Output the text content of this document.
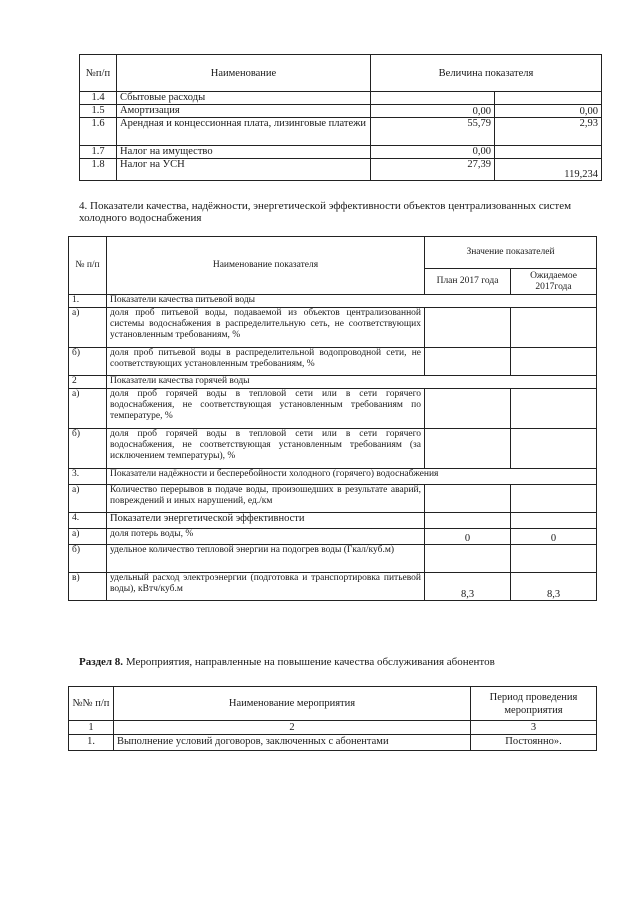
№п/п	Наименование	Величина показателя	
1.4	Сбытовые расходы		
1.5	Амортизация	0,00	0,00
1.6	Арендная и концессионная плата, лизинговые платежи	55,79	2,93
1.7	Налог на имущество	0,00	
1.8	Налог на УСН	27,39	119,234
4. Показатели качества, надёжности, энергетической эффективности объектов централизованных систем холодного водоснабжения
№ п/п	Наименование показателя	Значение показателей	
		План 2017 года	Ожидаемое 2017года
1.	Показатели качества питьевой воды		
а)	доля проб питьевой воды, подаваемой из объектов централизованной системы водоснабжения в распределительную сеть, не соответствующих установленным требованиям, %		
б)	доля проб питьевой воды в распределительной водопроводной сети, не соответствующих установленным требованиям, %		
2	Показатели качества горячей воды		
а)	доля проб горячей воды в тепловой сети или в сети горячего водоснабжения, не соответствующая установленным требованиям по температуре, %		
б)	доля проб горячей воды в тепловой сети или в сети горячего водоснабжения, не соответствующая установленным требованиям (за исключением температуры), %		
3.	Показатели надёжности и бесперебойности холодного (горячего) водоснабжения		
а)	Количество перерывов в подаче воды, произошедших в результате аварий, повреждений и иных нарушений, ед./км		
4.	Показатели энергетической эффективности		
а)	доля потерь воды, %	0	0
б)	удельное количество тепловой энергии на подогрев воды (Гкал/куб.м)		
в)	удельный расход электроэнергии (подготовка и транспортировка питьевой воды), кВтч/куб.м	8,3	8,3
Раздел 8. Мероприятия, направленные на повышение качества обслуживания абонентов
№№ п/п	Наименование мероприятия	Период проведения мероприятия
1	2	3
1.	Выполнение условий договоров, заключенных с абонентами	Постоянно».
